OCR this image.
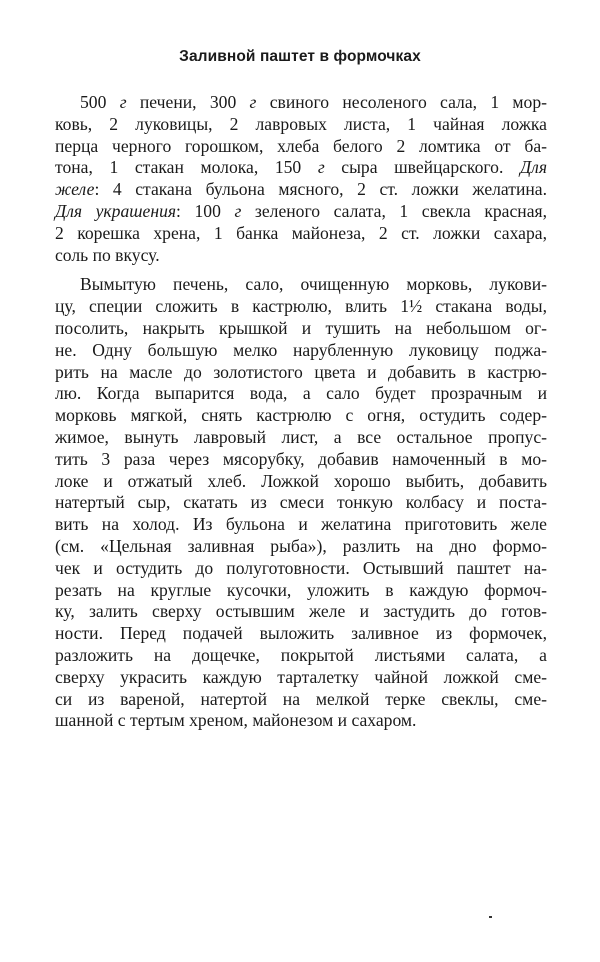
Заливной паштет в формочках
500 г печени, 300 г свиного несоленого сала, 1 мор-
ковь, 2 луковицы, 2 лавровых листа, 1 чайная ложка
перца черного горошком, хлеба белого 2 ломтика от ба-
тона, 1 стакан молока, 150 г сыра швейцарского. Для
желе: 4 стакана бульона мясного, 2 ст. ложки желатина.
Для украшения: 100 г зеленого салата, 1 свекла красная,
2 корешка хрена, 1 банка майонеза, 2 ст. ложки сахара,
соль по вкусу.
Вымытую печень, сало, очищенную морковь, лукови-
цу, специи сложить в кастрюлю, влить 1½ стакана воды,
посолить, накрыть крышкой и тушить на небольшом ог-
не. Одну большую мелко нарубленную луковицу поджа-
рить на масле до золотистого цвета и добавить в кастрю-
лю. Когда выпарится вода, а сало будет прозрачным и
морковь мягкой, снять кастрюлю с огня, остудить содер-
жимое, вынуть лавровый лист, а все остальное пропус-
тить 3 раза через мясорубку, добавив намоченный в мо-
локе и отжатый хлеб. Ложкой хорошо выбить, добавить
натертый сыр, скатать из смеси тонкую колбасу и поста-
вить на холод. Из бульона и желатина приготовить желе
(см. «Цельная заливная рыба»), разлить на дно формо-
чек и остудить до полуготовности. Остывший паштет на-
резать на круглые кусочки, уложить в каждую формоч-
ку, залить сверху остывшим желе и застудить до готов-
ности. Перед подачей выложить заливное из формочек,
разложить на дощечке, покрытой листьями салата, а
сверху украсить каждую тарталетку чайной ложкой сме-
си из вареной, натертой на мелкой терке свеклы, сме-
шанной с тертым хреном, майонезом и сахаром.
